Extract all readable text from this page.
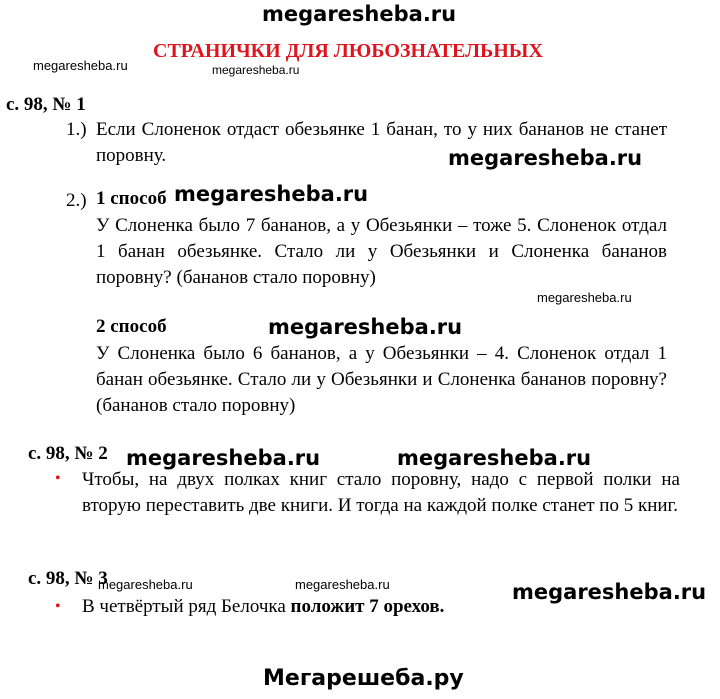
megaresheba.ru
СТРАНИЧКИ ДЛЯ ЛЮБОЗНАТЕЛЬНЫХ
megaresheba.ru	megaresheba.ru
с. 98, № 1
1.) Если Слоненок отдаст обезьянке 1 банан, то у них бананов не станет поровну.	megaresheba.ru
2.) 1 способ megaresheba.ru
У Слоненка было 7 бананов, а у Обезьянки – тоже 5. Слоненок отдал 1 банан обезьянке. Стало ли у Обезьянки и Слоненка бананов поровну? (бананов стало поровну)
megaresheba.ru
2 способ	megaresheba.ru
У Слоненка было 6 бананов, а у Обезьянки – 4. Слоненок отдал 1 банан обезьянке. Стало ли у Обезьянки и Слоненка бананов поровну? (бананов стало поровну)
с. 98, № 2 megaresheba.ru	megaresheba.ru
• Чтобы, на двух полках книг стало поровну, надо с первой полки на вторую переставить две книги. И тогда на каждой полке станет по 5 книг.
с. 98, № 3
megaresheba.ru	megaresheba.ru	megaresheba.ru
• В четвёртый ряд Белочка положит 7 орехов.
Мегарешеба.ру
